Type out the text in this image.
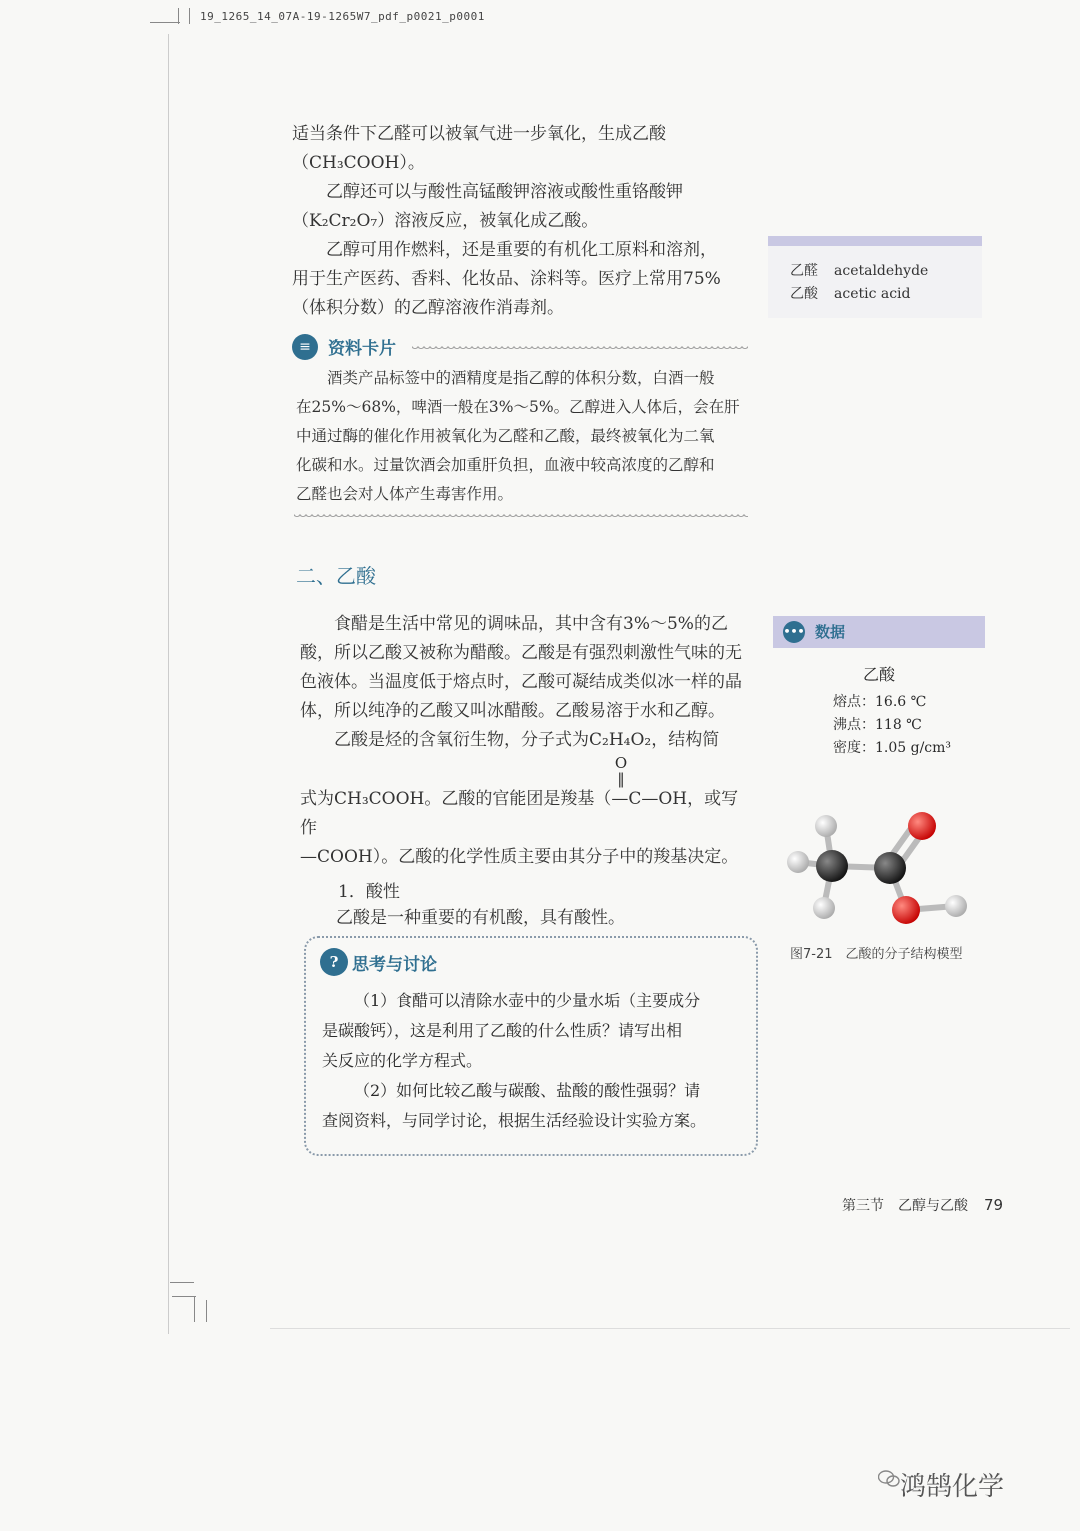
19_1265_14_07A-19-1265W7_pdf_p0021_p0001

适当条件下乙醛可以被氧气进一步氧化，生成乙酸

（CH₃COOH）。

乙醇还可以与酸性高锰酸钾溶液或酸性重铬酸钾

（K₂Cr₂O₇）溶液反应，被氧化成乙酸。

乙醇可用作燃料，还是重要的有机化工原料和溶剂，

用于生产医药、香料、化妆品、涂料等。医疗上常用75%

（体积分数）的乙醇溶液作消毒剂。

乙醛 acetaldehyde
乙酸 acetic acid
≡	资料卡片
酒类产品标签中的酒精度是指乙醇的体积分数，白酒一般
在25%～68%，啤酒一般在3%～5%。乙醇进入人体后，会在肝
中通过酶的催化作用被氧化为乙醛和乙酸，最终被氧化为二氧
化碳和水。过量饮酒会加重肝负担，血液中较高浓度的乙醇和
乙醛也会对人体产生毒害作用。
二、乙酸

食醋是生活中常见的调味品，其中含有3%～5%的乙

酸，所以乙酸又被称为醋酸。乙酸是有强烈刺激性气味的无

色液体。当温度低于熔点时，乙酸可凝结成类似冰一样的晶

体，所以纯净的乙酸又叫冰醋酸。乙酸易溶于水和乙醇。

乙酸是烃的含氧衍生物，分子式为C₂H₄O₂，结构简

式为CH₃COOH。乙酸的官能团是羧基（—C—OH，或写作

—COOH）。乙酸的化学性质主要由其分子中的羧基决定。

O
‖
••• 数据
乙酸
熔点：16.6 ℃
沸点：118 ℃
密度：1.05 g/cm³
图7-21　乙酸的分子结构模型
1．酸性
乙酸是一种重要的有机酸，具有酸性。
? 思考与讨论
（1）食醋可以清除水壶中的少量水垢（主要成分
是碳酸钙），这是利用了乙酸的什么性质？请写出相
关反应的化学方程式。
（2）如何比较乙酸与碳酸、盐酸的酸性强弱？请
查阅资料，与同学讨论，根据生活经验设计实验方案。
第三节　乙醇与乙酸 79
鸿鹄化学
